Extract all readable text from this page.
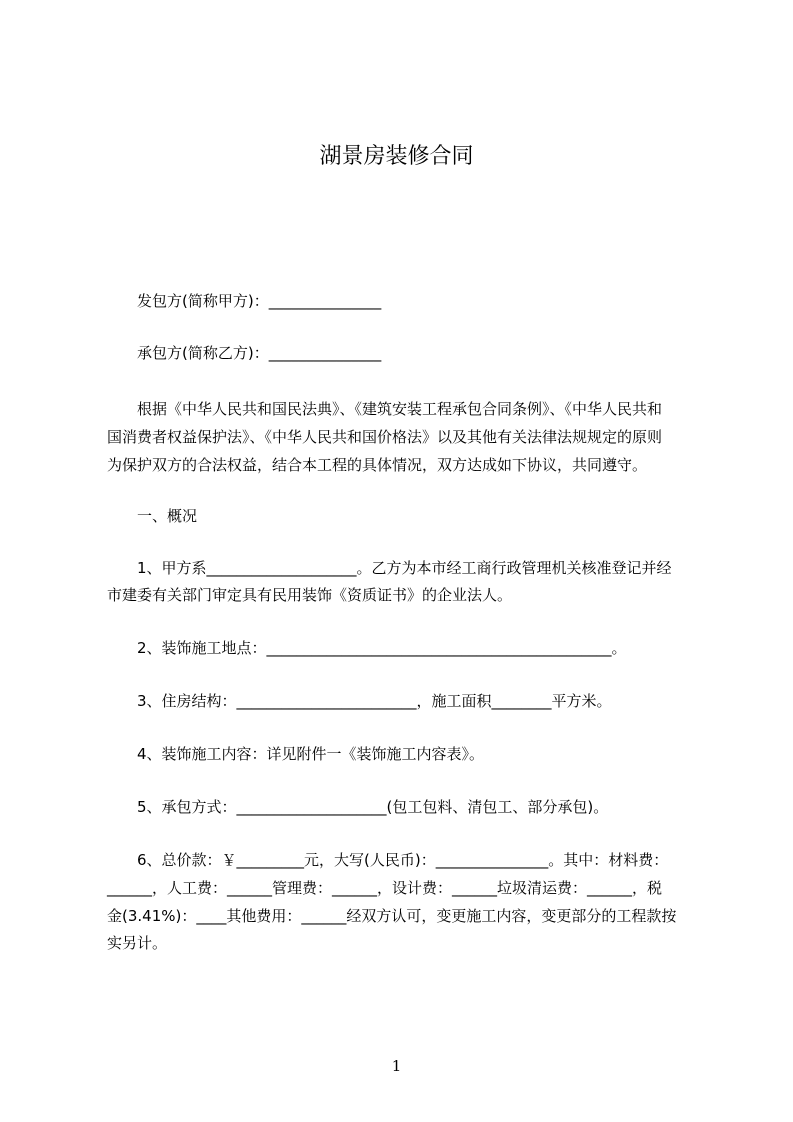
湖景房装修合同
发包方(简称甲方)：_______________
承包方(简称乙方)：_______________
根据《中华人民共和国民法典》、《建筑安装工程承包合同条例》、《中华人民共和
国消费者权益保护法》、《中华人民共和国价格法》以及其他有关法律法规规定的原则
为保护双方的合法权益，结合本工程的具体情况，双方达成如下协议，共同遵守。
一、概况
1、甲方系____________________。乙方为本市经工商行政管理机关核准登记并经
市建委有关部门审定具有民用装饰《资质证书》的企业法人。
2、装饰施工地点：______________________________________________。
3、住房结构：________________________，施工面积________平方米。
4、装饰施工内容：详见附件一《装饰施工内容表》。
5、承包方式：____________________(包工包料、清包工、部分承包)。
6、总价款：￥_________元，大写(人民币)：_______________。其中：材料费：
______，人工费：______管理费：______，设计费：______垃圾清运费：______，税
金(3.41%)：____其他费用：______经双方认可，变更施工内容，变更部分的工程款按
实另计。
1
